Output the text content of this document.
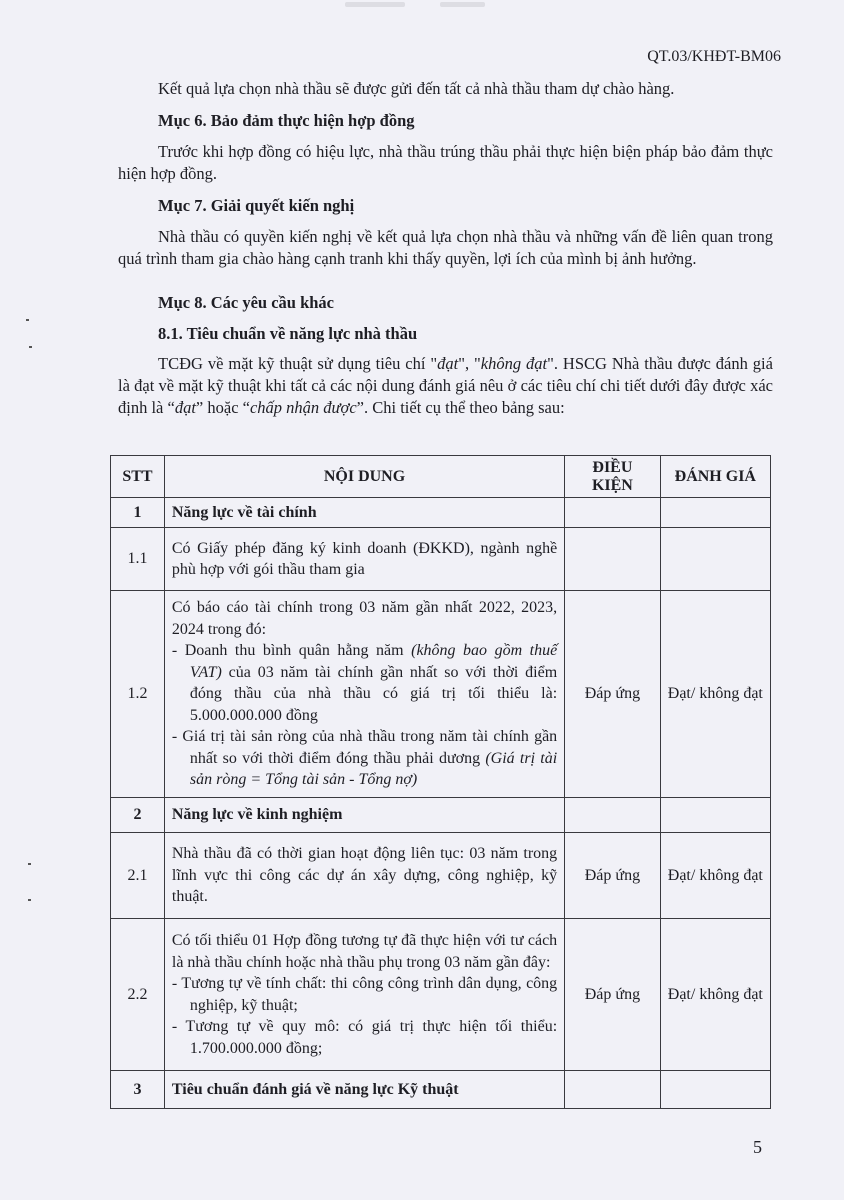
QT.03/KHĐT-BM06

Kết quả lựa chọn nhà thầu sẽ được gửi đến tất cả nhà thầu tham dự chào hàng.

Mục 6. Bảo đảm thực hiện hợp đồng

Trước khi hợp đồng có hiệu lực, nhà thầu trúng thầu phải thực hiện biện pháp bảo đảm thực hiện hợp đồng.

Mục 7. Giải quyết kiến nghị

Nhà thầu có quyền kiến nghị về kết quả lựa chọn nhà thầu và những vấn đề liên quan trong quá trình tham gia chào hàng cạnh tranh khi thấy quyền, lợi ích của mình bị ảnh hưởng.

Mục 8. Các yêu cầu khác

8.1. Tiêu chuẩn về năng lực nhà thầu

TCĐG về mặt kỹ thuật sử dụng tiêu chí "đạt", "không đạt". HSCG Nhà thầu được đánh giá là đạt về mặt kỹ thuật khi tất cả các nội dung đánh giá nêu ở các tiêu chí chi tiết dưới đây được xác định là “đạt” hoặc “chấp nhận được”. Chi tiết cụ thể theo bảng sau:

STT	NỘI DUNG	ĐIỀU KIỆN	ĐÁNH GIÁ
1	Năng lực về tài chính		
1.1	Có Giấy phép đăng ký kinh doanh (ĐKKD), ngành nghề phù hợp với gói thầu tham gia		
1.2	Có báo cáo tài chính trong 03 năm gần nhất 2022, 2023, 2024 trong đó:
- Doanh thu bình quân hằng năm (không bao gồm thuế VAT) của 03 năm tài chính gần nhất so với thời điểm đóng thầu của nhà thầu có giá trị tối thiểu là: 5.000.000.000 đồng
- Giá trị tài sản ròng của nhà thầu trong năm tài chính gần nhất so với thời điểm đóng thầu phải dương (Giá trị tài sản ròng = Tổng tài sản - Tổng nợ)	Đáp ứng	Đạt/ không đạt
2	Năng lực về kinh nghiệm		
2.1	Nhà thầu đã có thời gian hoạt động liên tục: 03 năm trong lĩnh vực thi công các dự án xây dựng, công nghiệp, kỹ thuật.	Đáp ứng	Đạt/ không đạt
2.2	Có tối thiểu 01 Hợp đồng tương tự đã thực hiện với tư cách là nhà thầu chính hoặc nhà thầu phụ trong 03 năm gần đây:
- Tương tự về tính chất: thi công công trình dân dụng, công nghiệp, kỹ thuật;
- Tương tự về quy mô: có giá trị thực hiện tối thiểu: 1.700.000.000 đồng;	Đáp ứng	Đạt/ không đạt
3	Tiêu chuẩn đánh giá về năng lực Kỹ thuật		
5
